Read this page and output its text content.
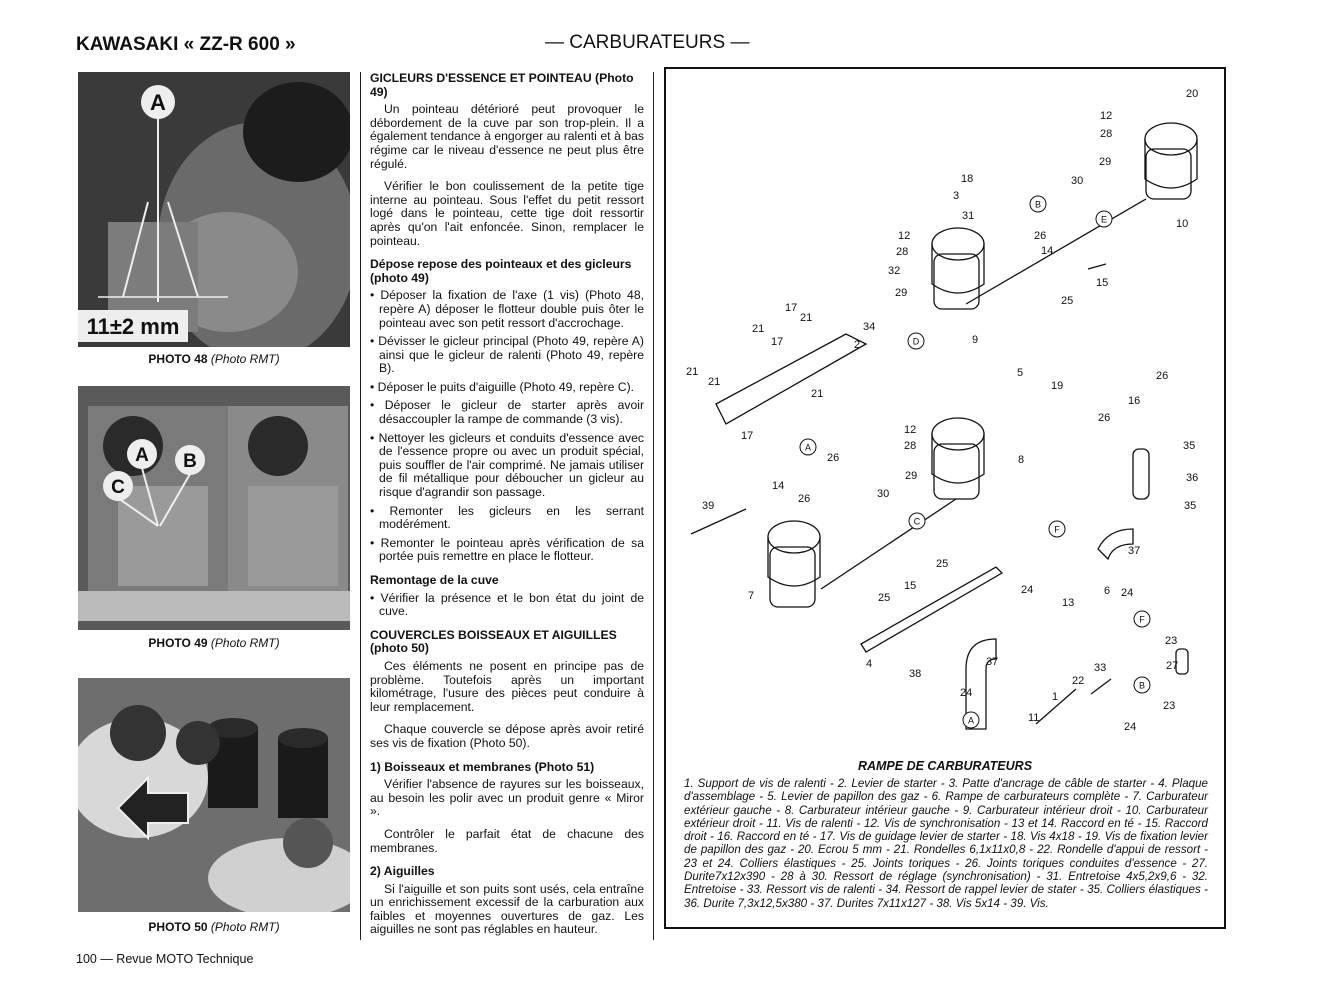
KAWASAKI « ZZ-R 600 »	— CARBURATEURS —
A
11±2 mm
PHOTO 48 (Photo RMT)
C
A B
PHOTO 49 (Photo RMT)
PHOTO 50 (Photo RMT)
GICLEURS D'ESSENCE ET POINTEAU (Photo 49)

Un pointeau détérioré peut provoquer le débordement de la cuve par son trop-plein. Il a également tendance à engorger au ralenti et à bas régime car le niveau d'essence ne peut plus être régulé.

Vérifier le bon coulissement de la petite tige interne au pointeau. Sous l'effet du petit ressort logé dans le pointeau, cette tige doit ressortir après qu'on l'ait enfoncée. Sinon, remplacer le pointeau.

Dépose repose des pointeaux et des gicleurs (photo 49)
• Déposer la fixation de l'axe (1 vis) (Photo 48, repère A) déposer le flotteur double puis ôter le pointeau avec son petit ressort d'accrochage.
• Dévisser le gicleur principal (Photo 49, repère A) ainsi que le gicleur de ralenti (Photo 49, repère B).
• Déposer le puits d'aiguille (Photo 49, repère C).
• Déposer le gicleur de starter après avoir désaccoupler la rampe de commande (3 vis).
• Nettoyer les gicleurs et conduits d'essence avec de l'essence propre ou avec un produit spécial, puis souffler de l'air comprimé. Ne jamais utiliser de fil métallique pour déboucher un gicleur au risque d'agrandir son passage.
• Remonter les gicleurs en les serrant modérément.
• Remonter le pointeau après vérification de sa portée puis remettre en place le flotteur.
Remontage de la cuve
• Vérifier la présence et le bon état du joint de cuve.
COUVERCLES BOISSEAUX ET AIGUILLES (photo 50)

Ces éléments ne posent en principe pas de problème. Toutefois après un important kilométrage, l'usure des pièces peut conduire à leur remplacement.

Chaque couvercle se dépose après avoir retiré ses vis de fixation (Photo 50).

1) Boisseaux et membranes (Photo 51)

Vérifier l'absence de rayures sur les boisseaux, au besoin les polir avec un produit genre « Miror ».

Contrôler le parfait état de chacune des membranes.

2) Aiguilles

Si l'aiguille et son puits sont usés, cela entraîne un enrichissement excessif de la carburation aux faibles et moyennes ouvertures de gaz. Les aiguilles ne sont pas réglables en hauteur.

20
12
28
29
30
10
18
3
31
26
14
25
15
12
28
32
29
9
34
2
17
21
21
17
21
21
17
21
5
19
26
16
26
35
36
35
12
28
29
30
8
26
14
26
39
15
25
7	25
4
38
37
24
24
13
37
24
23
27
23
22
33
1
11
24
6
B
E
D
A
C
F
F
B
A
RAMPE DE CARBURATEURS
1. Support de vis de ralenti - 2. Levier de starter - 3. Patte d'ancrage de câble de starter - 4. Plaque d'assemblage - 5. Levier de papillon des gaz - 6. Rampe de carburateurs complète - 7. Carburateur extérieur gauche - 8. Carburateur intérieur gauche - 9. Carburateur intérieur droit - 10. Carburateur extérieur droit - 11. Vis de ralenti - 12. Vis de synchronisation - 13 et 14. Raccord en té - 15. Raccord droit - 16. Raccord en té - 17. Vis de guidage levier de starter - 18. Vis 4x18 - 19. Vis de fixation levier de papillon des gaz - 20. Ecrou 5 mm - 21. Rondelles 6,1x11x0,8 - 22. Rondelle d'appui de ressort - 23 et 24. Colliers élastiques - 25. Joints toriques - 26. Joints toriques conduites d'essence - 27. Durite7x12x390 - 28 à 30. Ressort de réglage (synchronisation) - 31. Entretoise 4x5,2x9,6 - 32. Entretoise - 33. Ressort vis de ralenti - 34. Ressort de rappel levier de stater - 35. Colliers élastiques - 36. Durite 7,3x12,5x380 - 37. Durites 7x11x127 - 38. Vis 5x14 - 39. Vis.
100 — Revue MOTO Technique
